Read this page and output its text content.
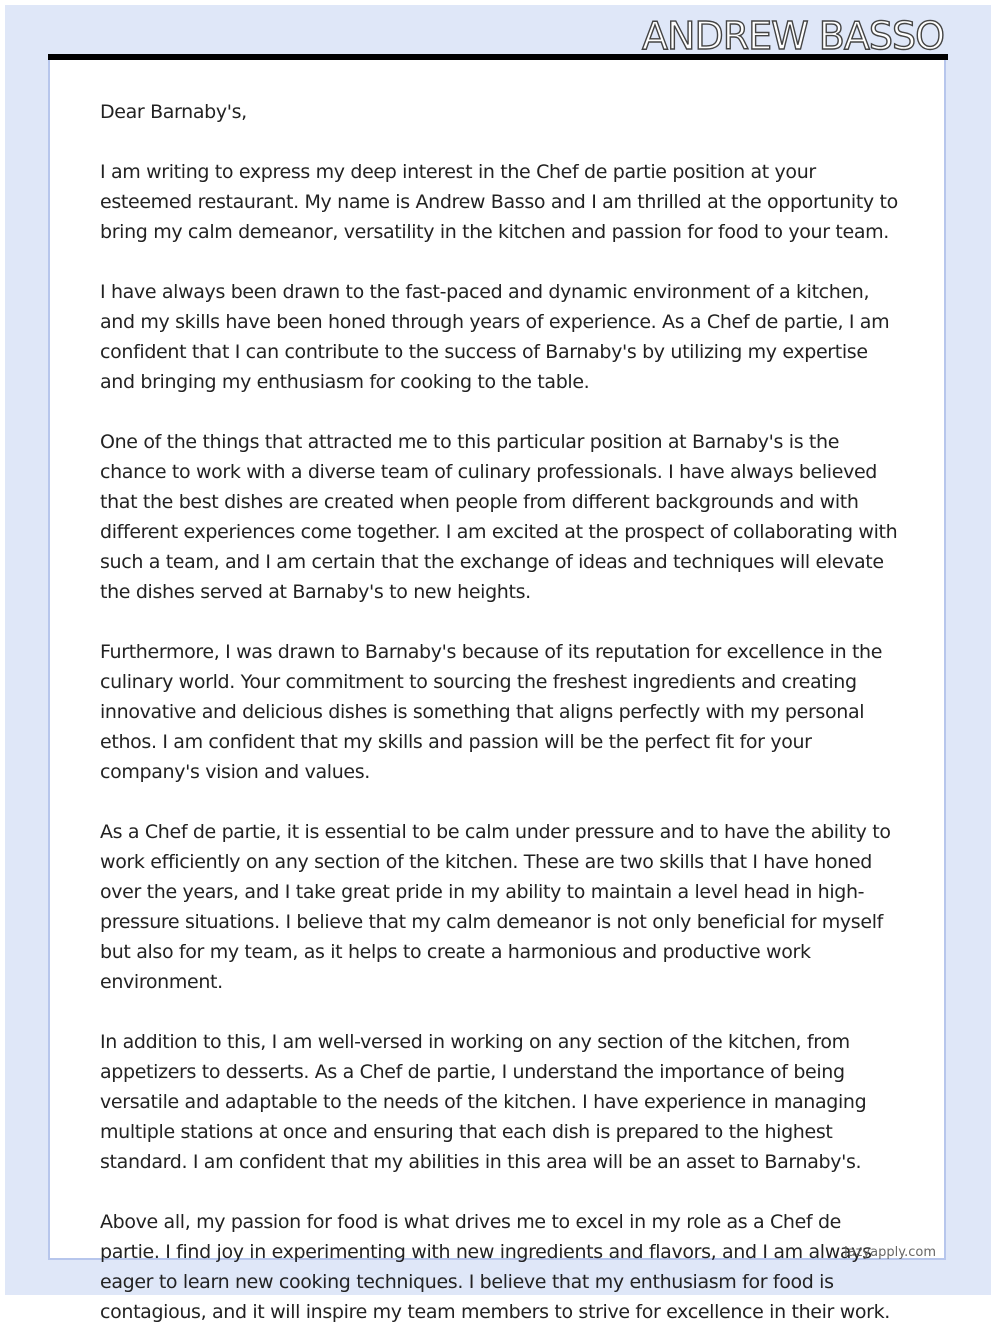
ANDREW BASSO

Dear Barnaby's,

I am writing to express my deep interest in the Chef de partie position at your esteemed restaurant. My name is Andrew Basso and I am thrilled at the opportunity to bring my calm demeanor, versatility in the kitchen and passion for food to your team.

I have always been drawn to the fast-paced and dynamic environment of a kitchen, and my skills have been honed through years of experience. As a Chef de partie, I am confident that I can contribute to the success of Barnaby's by utilizing my expertise and bringing my enthusiasm for cooking to the table.

One of the things that attracted me to this particular position at Barnaby's is the chance to work with a diverse team of culinary professionals. I have always believed that the best dishes are created when people from different backgrounds and with different experiences come together. I am excited at the prospect of collaborating with such a team, and I am certain that the exchange of ideas and techniques will elevate the dishes served at Barnaby's to new heights.

Furthermore, I was drawn to Barnaby's because of its reputation for excellence in the culinary world. Your commitment to sourcing the freshest ingredients and creating innovative and delicious dishes is something that aligns perfectly with my personal ethos. I am confident that my skills and passion will be the perfect fit for your company's vision and values.

As a Chef de partie, it is essential to be calm under pressure and to have the ability to work efficiently on any section of the kitchen. These are two skills that I have honed over the years, and I take great pride in my ability to maintain a level head in high-pressure situations. I believe that my calm demeanor is not only beneficial for myself but also for my team, as it helps to create a harmonious and productive work environment.

In addition to this, I am well-versed in working on any section of the kitchen, from appetizers to desserts. As a Chef de partie, I understand the importance of being versatile and adaptable to the needs of the kitchen. I have experience in managing multiple stations at once and ensuring that each dish is prepared to the highest standard. I am confident that my abilities in this area will be an asset to Barnaby's.

Above all, my passion for food is what drives me to excel in my role as a Chef de partie. I find joy in experimenting with new ingredients and flavors, and I am always eager to learn new cooking techniques. I believe that my enthusiasm for food is contagious, and it will inspire my team members to strive for excellence in their work.

lazyapply.com
